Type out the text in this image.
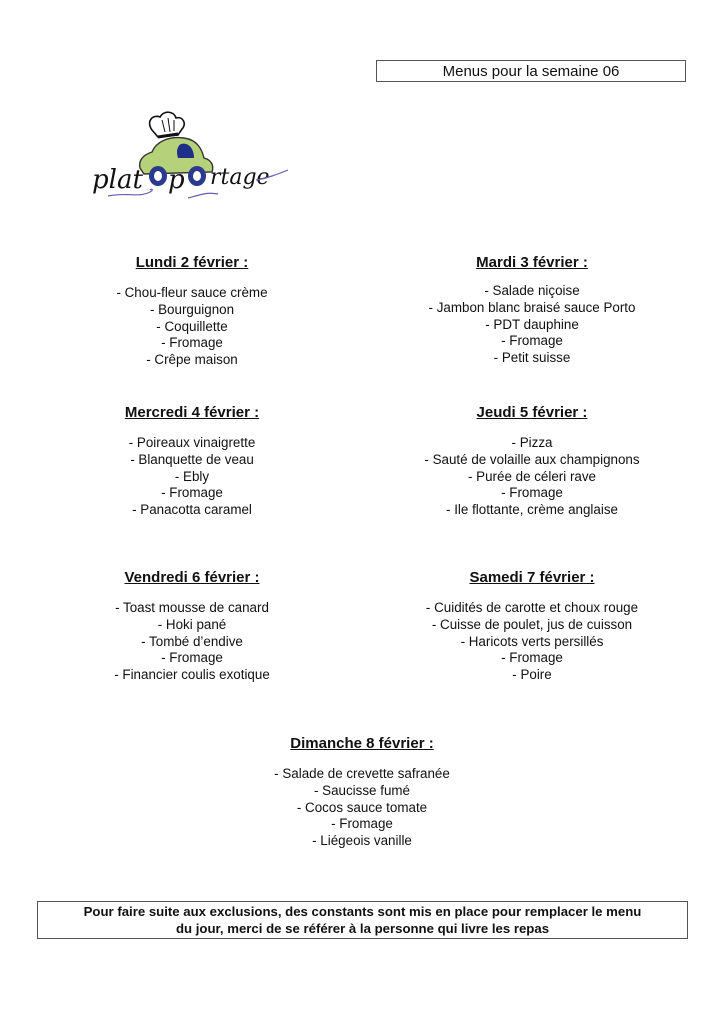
Menus pour la semaine 06
plat p rtage
Lundi 2 février :
- Chou-fleur sauce crème
- Bourguignon
- Coquillette
- Fromage
- Crêpe maison
Mardi 3 février :
- Salade niçoise
- Jambon blanc braisé sauce Porto
- PDT dauphine
- Fromage
- Petit suisse
Mercredi 4 février :
- Poireaux vinaigrette
- Blanquette de veau
- Ebly
- Fromage
- Panacotta caramel
Jeudi 5 février :
- Pizza
- Sauté de volaille aux champignons
- Purée de céleri rave
- Fromage
- Ile flottante, crème anglaise
Vendredi 6 février :
- Toast mousse de canard
- Hoki pané
- Tombé d’endive
- Fromage
- Financier coulis exotique
Samedi 7 février :
- Cuidités de carotte et choux rouge
- Cuisse de poulet, jus de cuisson
- Haricots verts persillés
- Fromage
- Poire
Dimanche 8 février :
- Salade de crevette safranée
- Saucisse fumé
- Cocos sauce tomate
- Fromage
- Liégeois vanille
Pour faire suite aux exclusions, des constants sont mis en place pour remplacer le menu
du jour, merci de se référer à la personne qui livre les repas
